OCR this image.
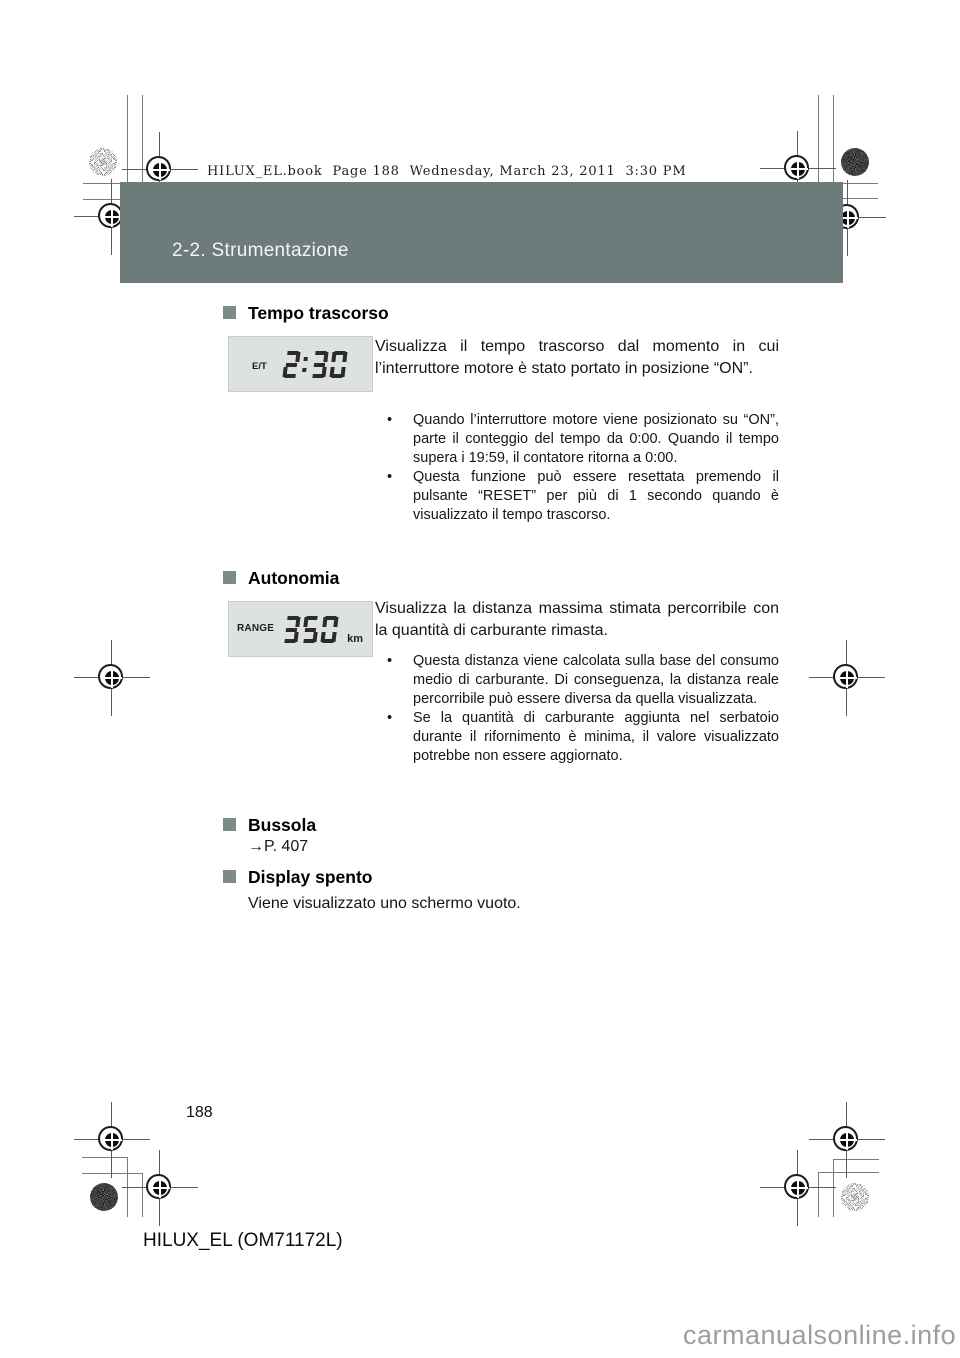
HILUX_EL.book  Page 188  Wednesday, March 23, 2011  3:30 PM
2-2. Strumentazione
Tempo trascorso
E/T
Visualizza il tempo trascorso dal momento in cui l’interruttore motore è stato portato in posizione “ON”.
• Quando l’interruttore motore viene posizionato su “ON”, parte il conteggio del tempo da 0:00. Quando il tempo supera i 19:59, il contatore ritorna a 0:00.
• Questa funzione può essere resettata premendo il pulsante “RESET” per più di 1 secondo quando è visualizzato il tempo trascorso.
Autonomia
RANGE
km
Visualizza la distanza massima stimata percorribile con la quantità di carburante rimasta.
• Questa distanza viene calcolata sulla base del consumo medio di carburante. Di conseguenza, la distanza reale percorribile può essere diversa da quella visualizzata.
• Se la quantità di carburante aggiunta nel serbatoio durante il rifornimento è minima, il valore visualizzato potrebbe non essere aggiornato.
Bussola
→P. 407
Display spento
Viene visualizzato uno schermo vuoto.
188
HILUX_EL (OM71172L)
carmanualsonline.info
